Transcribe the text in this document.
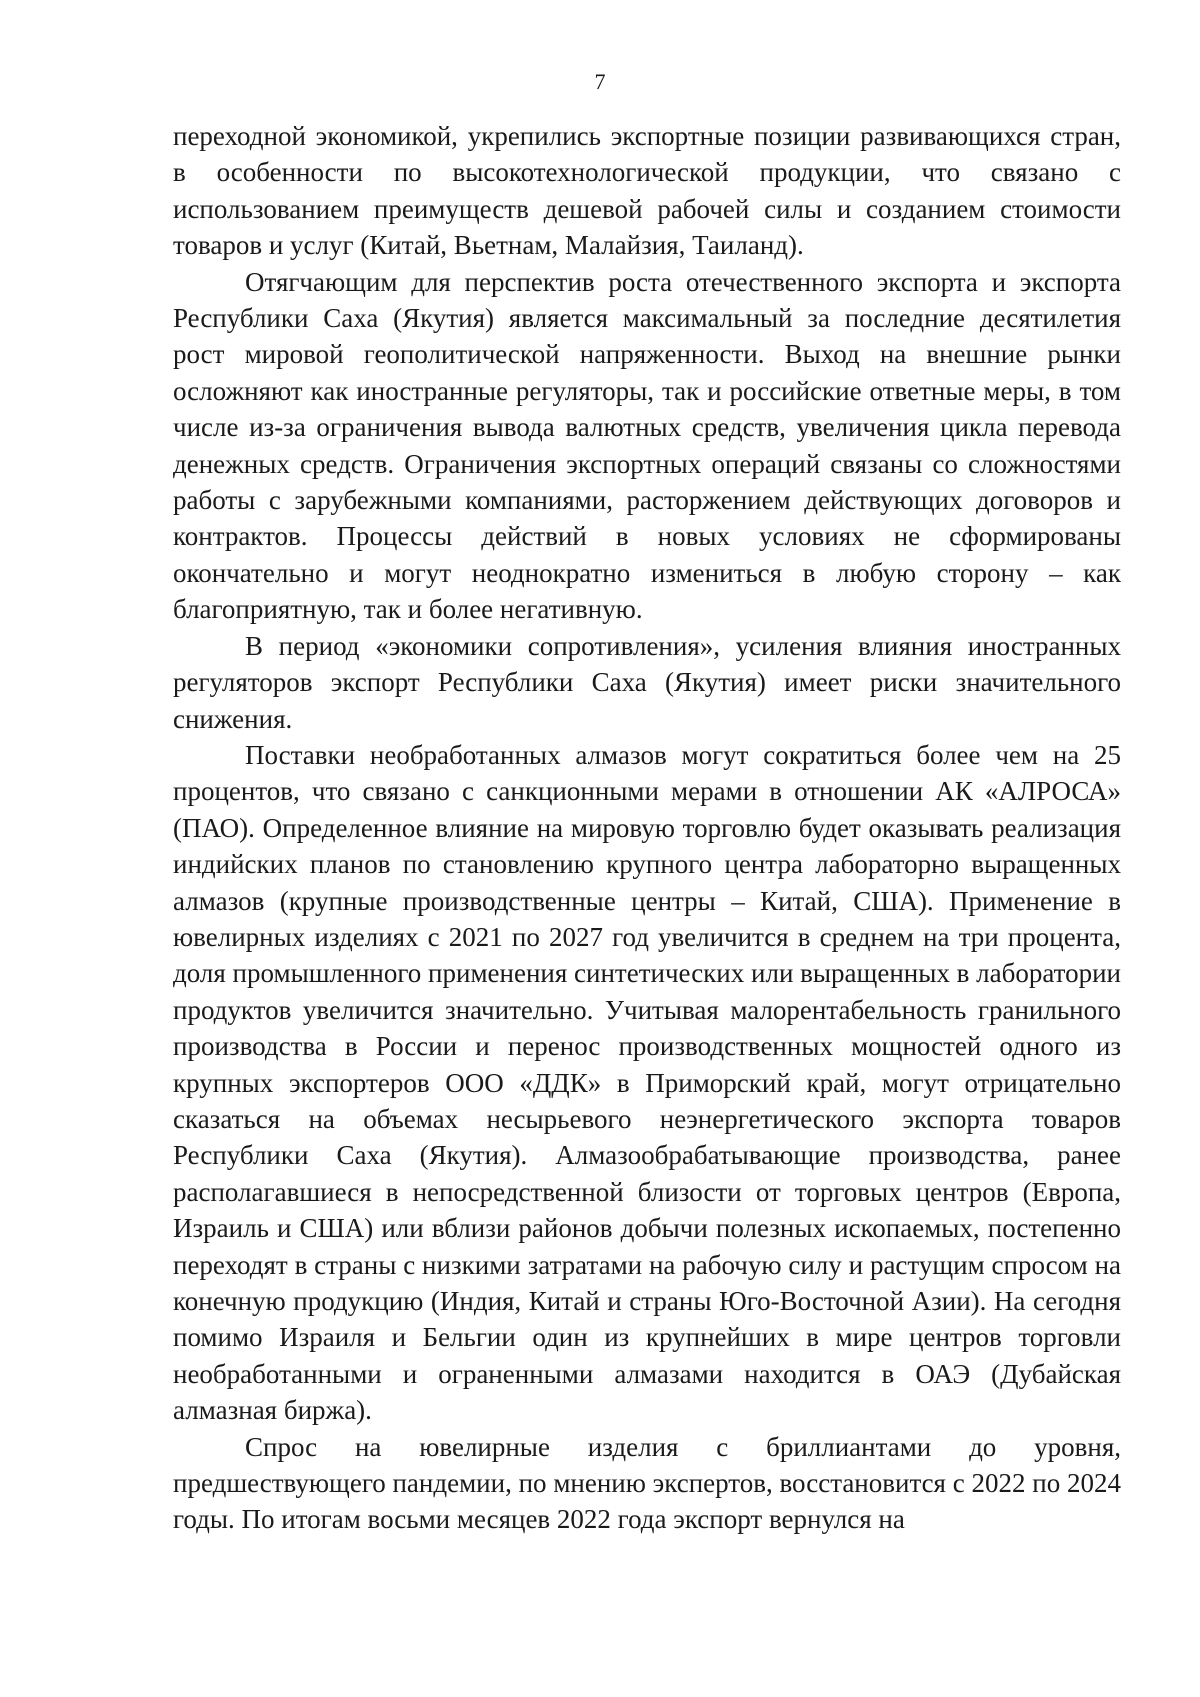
7

переходной экономикой, укрепились экспортные позиции развивающихся стран, в особенности по высокотехнологической продукции, что связано с использованием преимуществ дешевой рабочей силы и созданием стоимости товаров и услуг (Китай, Вьетнам, Малайзия, Таиланд).

Отягчающим для перспектив роста отечественного экспорта и экспорта Республики Саха (Якутия) является максимальный за последние десятилетия рост мировой геополитической напряженности. Выход на внешние рынки осложняют как иностранные регуляторы, так и российские ответные меры, в том числе из-за ограничения вывода валютных средств, увеличения цикла перевода денежных средств. Ограничения экспортных операций связаны со сложностями работы с зарубежными компаниями, расторжением действующих договоров и контрактов. Процессы действий в новых условиях не сформированы окончательно и могут неоднократно измениться в любую сторону – как благоприятную, так и более негативную.

В период «экономики сопротивления», усиления влияния иностранных регуляторов экспорт Республики Саха (Якутия) имеет риски значительного снижения.

Поставки необработанных алмазов могут сократиться более чем на 25 процентов, что связано с санкционными мерами в отношении АК «АЛРОСА» (ПАО). Определенное влияние на мировую торговлю будет оказывать реализация индийских планов по становлению крупного центра лабораторно выращенных алмазов (крупные производственные центры – Китай, США). Применение в ювелирных изделиях с 2021 по 2027 год увеличится в среднем на три процента, доля промышленного применения синтетических или выращенных в лаборатории продуктов увеличится значительно. Учитывая малорентабельность гранильного производства в России и перенос производственных мощностей одного из крупных экспортеров ООО «ДДК» в Приморский край, могут отрицательно сказаться на объемах несырьевого неэнергетического экспорта товаров Республики Саха (Якутия). Алмазообрабатывающие производства, ранее располагавшиеся в непосредственной близости от торговых центров (Европа, Израиль и США) или вблизи районов добычи полезных ископаемых, постепенно переходят в страны с низкими затратами на рабочую силу и растущим спросом на конечную продукцию (Индия, Китай и страны Юго-Восточной Азии). На сегодня помимо Израиля и Бельгии один из крупнейших в мире центров торговли необработанными и ограненными алмазами находится в ОАЭ (Дубайская алмазная биржа).

Спрос на ювелирные изделия с бриллиантами до уровня, предшествующего пандемии, по мнению экспертов, восстановится с 2022 по 2024 годы. По итогам восьми месяцев 2022 года экспорт вернулся на
